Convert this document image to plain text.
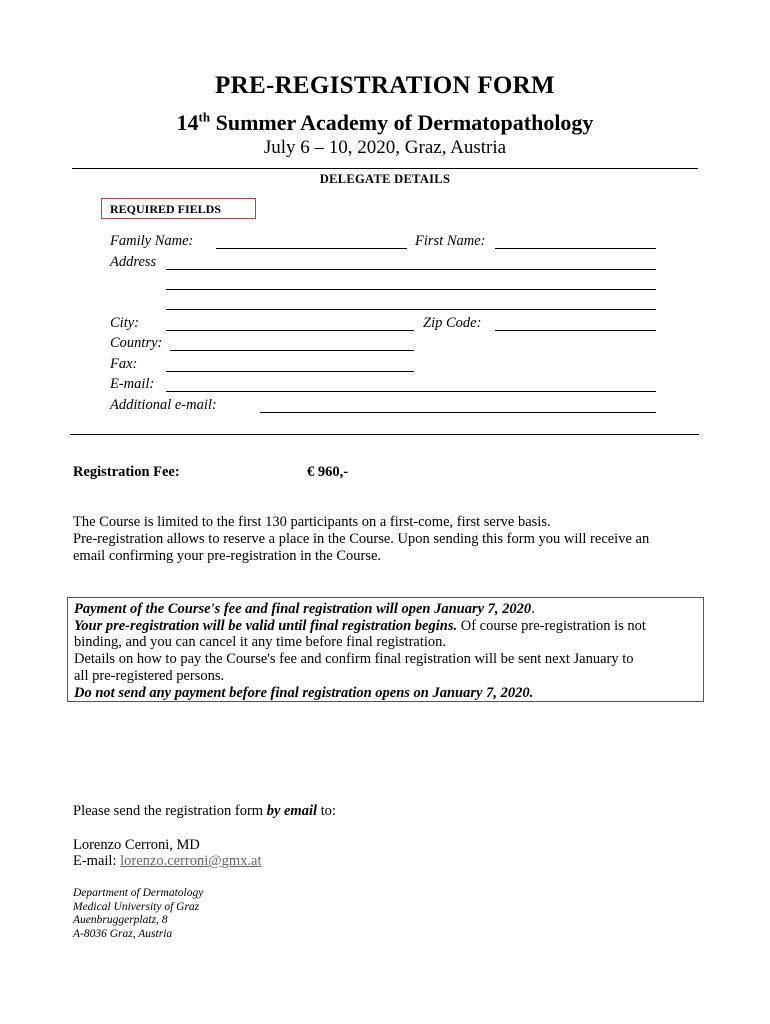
PRE-REGISTRATION FORM
14th Summer Academy of Dermatopathology
July 6 – 10, 2020, Graz, Austria
DELEGATE DETAILS
REQUIRED FIELDS
Family Name:	First Name:
Address
City:	Zip Code:
Country:
Fax:
E-mail:
Additional e-mail:
Registration Fee:	€ 960,-
The Course is limited to the first 130 participants on a first-come, first serve basis.
Pre-registration allows to reserve a place in the Course. Upon sending this form you will receive an
email confirming your pre-registration in the Course.
Payment of the Course's fee and final registration will open January 7, 2020.
Your pre-registration will be valid until final registration begins. Of course pre-registration is not
binding, and you can cancel it any time before final registration.
Details on how to pay the Course's fee and confirm final registration will be sent next January to
all pre-registered persons.
Do not send any payment before final registration opens on January 7, 2020.
Please send the registration form by email to:
Lorenzo Cerroni, MD
E-mail: lorenzo.cerroni@gmx.at
Department of Dermatology
Medical University of Graz
Auenbruggerplatz, 8
A-8036 Graz, Austria
